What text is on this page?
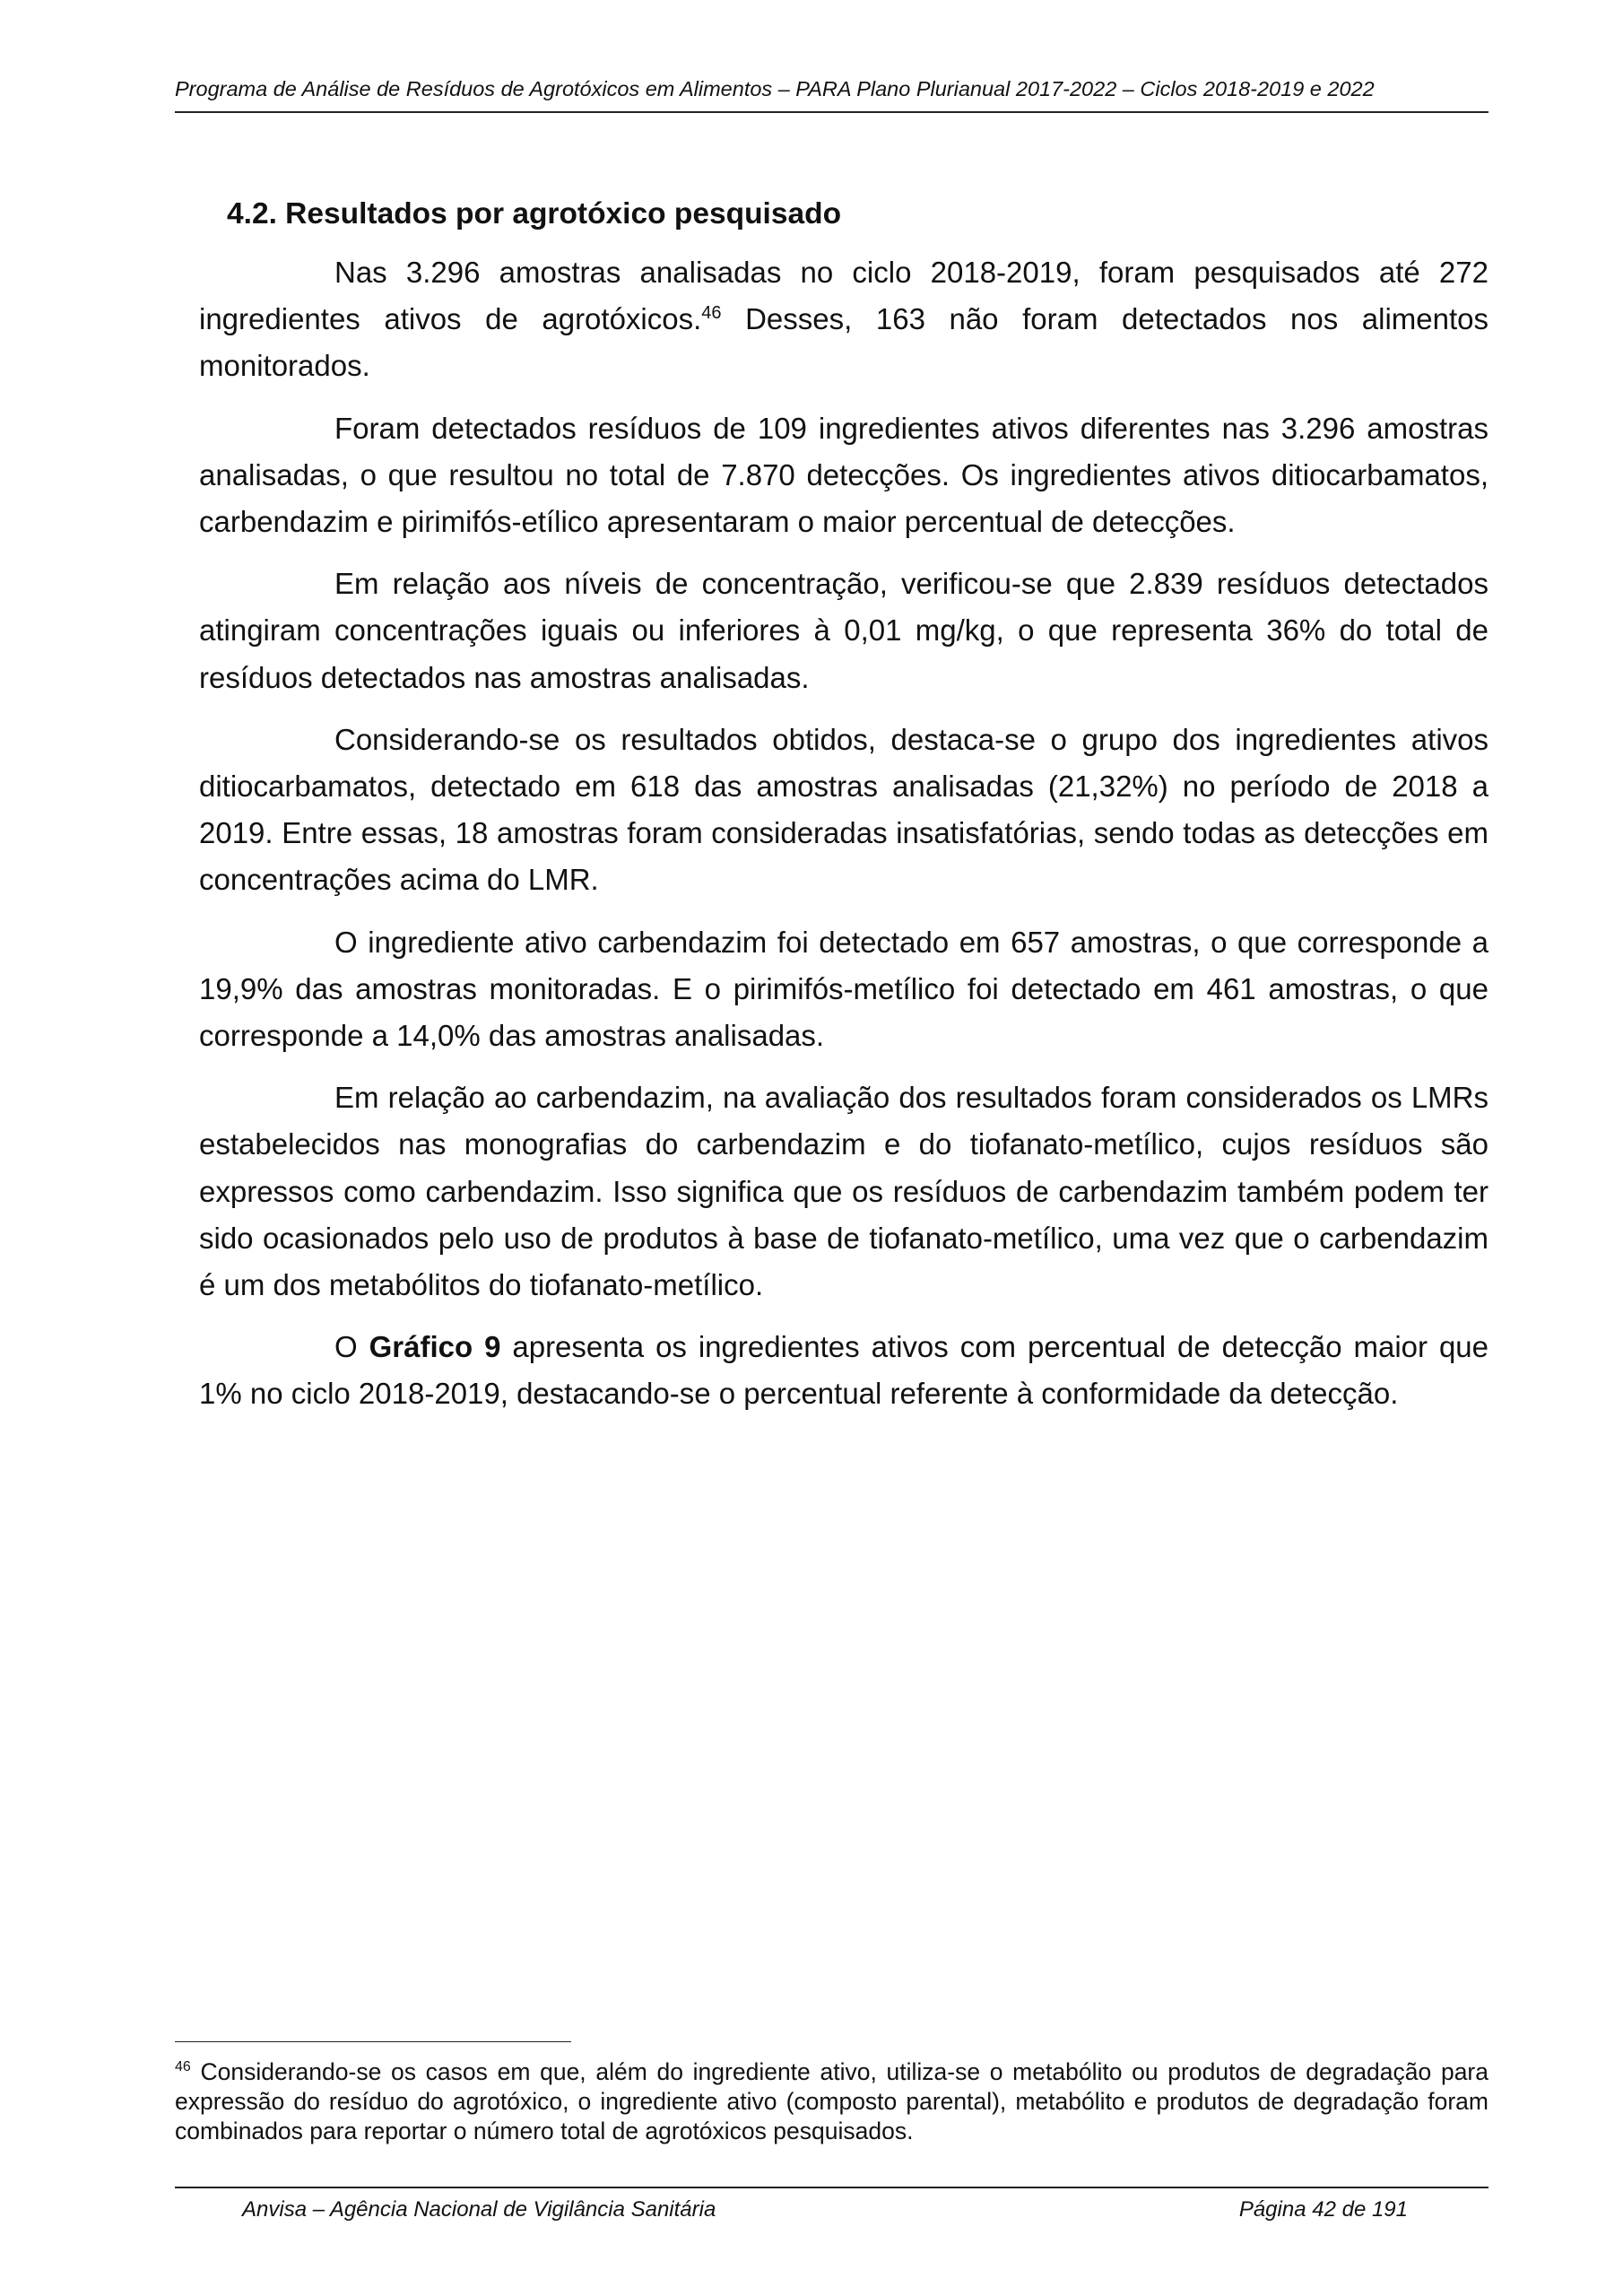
Programa de Análise de Resíduos de Agrotóxicos em Alimentos – PARA Plano Plurianual 2017-2022 – Ciclos 2018-2019 e 2022
4.2. Resultados por agrotóxico pesquisado

Nas 3.296 amostras analisadas no ciclo 2018-2019, foram pesquisados até 272 ingredientes ativos de agrotóxicos.$^{46}$ Desses, 163 não foram detectados nos alimentos monitorados.

Foram detectados resíduos de 109 ingredientes ativos diferentes nas 3.296 amostras analisadas, o que resultou no total de 7.870 detecções. Os ingredientes ativos ditiocarbamatos, carbendazim e pirimifós-etílico apresentaram o maior percentual de detecções.

Em relação aos níveis de concentração, verificou-se que 2.839 resíduos detectados atingiram concentrações iguais ou inferiores à 0,01 mg/kg, o que representa 36% do total de resíduos detectados nas amostras analisadas.

Considerando-se os resultados obtidos, destaca-se o grupo dos ingredientes ativos ditiocarbamatos, detectado em 618 das amostras analisadas (21,32%) no período de 2018 a 2019. Entre essas, 18 amostras foram consideradas insatisfatórias, sendo todas as detecções em concentrações acima do LMR.

O ingrediente ativo carbendazim foi detectado em 657 amostras, o que corresponde a 19,9% das amostras monitoradas. E o pirimifós-metílico foi detectado em 461 amostras, o que corresponde a 14,0% das amostras analisadas.

Em relação ao carbendazim, na avaliação dos resultados foram considerados os LMRs estabelecidos nas monografias do carbendazim e do tiofanato-metílico, cujos resíduos são expressos como carbendazim. Isso significa que os resíduos de carbendazim também podem ter sido ocasionados pelo uso de produtos à base de tiofanato-metílico, uma vez que o carbendazim é um dos metabólitos do tiofanato-metílico.

O Gráfico 9 apresenta os ingredientes ativos com percentual de detecção maior que 1% no ciclo 2018-2019, destacando-se o percentual referente à conformidade da detecção.

$^{46}$ Considerando-se os casos em que, além do ingrediente ativo, utiliza-se o metabólito ou produtos de degradação para expressão do resíduo do agrotóxico, o ingrediente ativo (composto parental), metabólito e produtos de degradação foram combinados para reportar o número total de agrotóxicos pesquisados.

Anvisa – Agência Nacional de Vigilância Sanitária	Página 42 de 191
